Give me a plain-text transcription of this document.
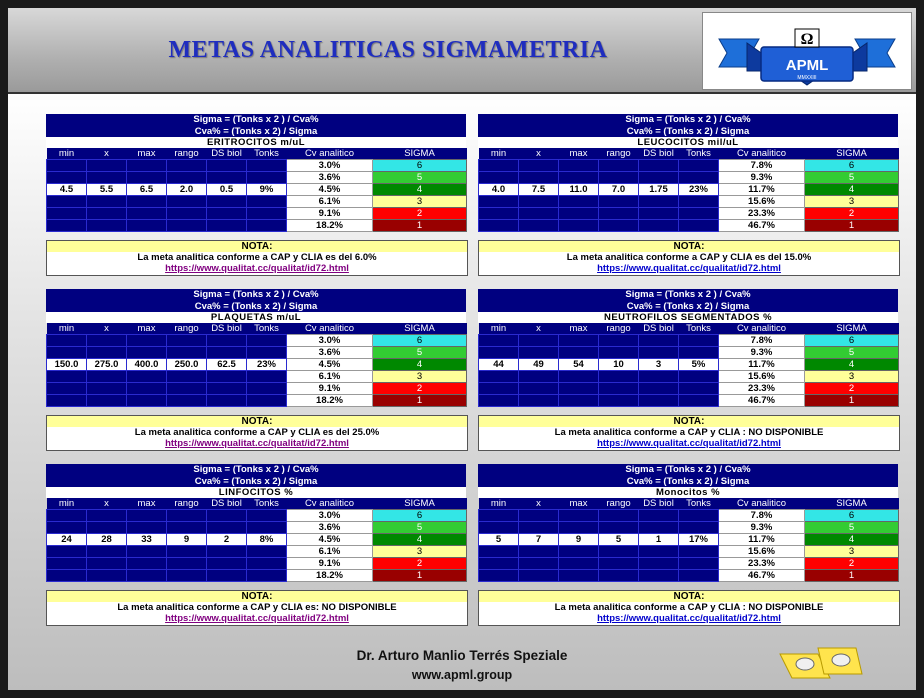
METAS ANALITICAS SIGMAMETRIA	Ω
APML
MMXXIII
Sigma = (Tonks x 2 ) / Cva%
Cva% = (Tonks x 2) / Sigma
ERITROCITOS m/uL
min	x	max	rango	DS biol	Tonks	Cv analitico	SIGMA
						3.0%	6
						3.6%	5
4.5	5.5	6.5	2.0	0.5	9%	4.5%	4
						6.1%	3
						9.1%	2
						18.2%	1
NOTA:
La meta analitica conforme a CAP y CLIA es del 6.0%
https://www.qualitat.cc/qualitat/id72.html
Sigma = (Tonks x 2 ) / Cva%
Cva% = (Tonks x 2) / Sigma
LEUCOCITOS mil/uL
min	x	max	rango	DS biol	Tonks	Cv analitico	SIGMA
						7.8%	6
						9.3%	5
4.0	7.5	11.0	7.0	1.75	23%	11.7%	4
						15.6%	3
						23.3%	2
						46.7%	1
NOTA:
La meta analitica conforme a CAP y CLIA es del 15.0%
https://www.qualitat.cc/qualitat/id72.html
Sigma = (Tonks x 2 ) / Cva%
Cva% = (Tonks x 2) / Sigma
PLAQUETAS m/uL
min	x	max	rango	DS biol	Tonks	Cv analitico	SIGMA
						3.0%	6
						3.6%	5
150.0	275.0	400.0	250.0	62.5	23%	4.5%	4
						6.1%	3
						9.1%	2
						18.2%	1
NOTA:
La meta analitica conforme a CAP y CLIA es del 25.0%
https://www.qualitat.cc/qualitat/id72.html
Sigma = (Tonks x 2 ) / Cva%
Cva% = (Tonks x 2) / Sigma
NEUTROFILOS SEGMENTADOS %
min	x	max	rango	DS biol	Tonks	Cv analitico	SIGMA
						7.8%	6
						9.3%	5
44	49	54	10	3	5%	11.7%	4
						15.6%	3
						23.3%	2
						46.7%	1
NOTA:
La meta analitica conforme a CAP y CLIA : NO DISPONIBLE
https://www.qualitat.cc/qualitat/id72.html
Sigma = (Tonks x 2 ) / Cva%
Cva% = (Tonks x 2) / Sigma
LINFOCITOS %
min	x	max	rango	DS biol	Tonks	Cv analitico	SIGMA
						3.0%	6
						3.6%	5
24	28	33	9	2	8%	4.5%	4
						6.1%	3
						9.1%	2
						18.2%	1
NOTA:
La meta analitica conforme a CAP y CLIA es: NO DISPONIBLE
https://www.qualitat.cc/qualitat/id72.html
Sigma = (Tonks x 2 ) / Cva%
Cva% = (Tonks x 2) / Sigma
Monocitos %
min	x	max	rango	DS biol	Tonks	Cv analitico	SIGMA
						7.8%	6
						9.3%	5
5	7	9	5	1	17%	11.7%	4
						15.6%	3
						23.3%	2
						46.7%	1
NOTA:
La meta analitica conforme a CAP y CLIA : NO DISPONIBLE
https://www.qualitat.cc/qualitat/id72.html
Dr. Arturo Manlio Terrés Speziale
www.apml.group
